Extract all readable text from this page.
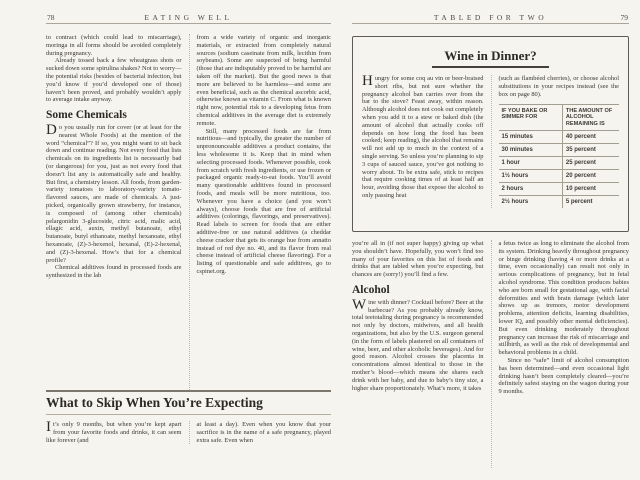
78	EATING WELL

to contract (which could lead to miscarriage), moringa in all forms should be avoided completely during pregnancy.

Already tossed back a few wheatgrass shots or sucked down some spirulina shakes? Not to worry—the potential risks (besides of bacterial infection, but you’d know if you’d developed one of those) haven’t been proved, and probably wouldn’t apply to average intake anyway.

Some Chemicals

Do you usually run for cover (or at least for the nearest Whole Foods) at the mention of the word “chemical”? If so, you might want to sit back down and continue reading. Not every food that lists chemicals on its ingredients list is necessarily bad (or dangerous) for you, just as not every food that doesn’t list any is automatically safe and healthy. But first, a chemistry lesson. All foods, from garden-variety tomatoes to laboratory-variety tomato-flavored sauces, are made of chemicals. A just-picked, organically grown strawberry, for instance, is composed of (among other chemicals) pelargonidin 3-glucoside, citric acid, malic acid, ellagic acid, auxin, methyl butanoate, ethyl butanoate, butyl ethanoate, methyl hexanoate, ethyl hexanoate, (Z)-3-hexenol, hexanal, (E)-2-hexenal, and (Z)-3-hexenal. How’s that for a chemical profile?

Chemical additives found in processed foods are synthesized in the lab

from a wide variety of organic and inorganic materials, or extracted from completely natural sources (sodium caseinate from milk, lecithin from soybeans). Some are suspected of being harmful (those that are indisputably proved to be harmful are taken off the market). But the good news is that more are believed to be harmless—and some are even beneficial, such as the chemical ascorbic acid, otherwise known as vitamin C. From what is known right now, potential risk to a developing fetus from chemical additives in the average diet is extremely remote.

Still, many processed foods are far from nutritious—and typically, the greater the number of unpronounceable additives a product contains, the less wholesome it is. Keep that in mind when selecting processed foods. Whenever possible, cook from scratch with fresh ingredients, or use frozen or packaged organic ready-to-eat foods. You’ll avoid many questionable additives found in processed foods, and meals will be more nutritious, too. Whenever you have a choice (and you won’t always), choose foods that are free of artificial additives (colorings, flavorings, and preservatives). Read labels to screen for foods that are either additive-free or use natural additives (a cheddar cheese cracker that gets its orange hue from annatto instead of red dye no. 40, and its flavor from real cheese instead of artificial cheese flavoring). For a listing of questionable and safe additives, go to cspinet.org.

What to Skip When You’re Expecting

It’s only 9 months, but when you’re kept apart from your favorite foods and drinks, it can seem like forever (and

at least a day). Even when you know that your sacrifice is in the name of a safe pregnancy, played extra safe. Even when

TABLED FOR TWO	79
Wine in Dinner?

Hungry for some coq au vin or beer-braised short ribs, but not sure whether the pregnancy alcohol ban carries over from the bar to the stove? Feast away, within reason. Although alcohol does not cook out completely when you add it to a stew or baked dish (the amount of alcohol that actually cooks off depends on how long the food has been cooked; keep reading), the alcohol that remains will not add up to much in the context of a single serving. So unless you’re planning to sip 3 cups of sauced sauce, you’ve got nothing to worry about. To be extra safe, stick to recipes that require cooking times of at least half an hour, avoiding those that expose the alcohol to only passing heat

(such as flambéed cherries), or choose alcohol substitutions in your recipes instead (see the box on page 80).

IF YOU BAKE OR SIMMER FOR	THE AMOUNT OF ALCOHOL REMAINING IS
15 minutes	40 percent
30 minutes	35 percent
1 hour	25 percent
1½ hours	20 percent
2 hours	10 percent
2½ hours	5 percent

you’re all in (if not super happy) giving up what you shouldn’t have. Hopefully, you won’t find too many of your favorites on this list of foods and drinks that are tabled when you’re expecting, but chances are (sorry!) you’ll find a few.

Alcohol

Wine with dinner? Cocktail before? Beer at the barbecue? As you probably already know, total teetotaling during pregnancy is recommended not only by doctors, midwives, and all health organizations, but also by the U.S. surgeon general (in the form of labels plastered on all containers of wine, beer, and other alcoholic beverages). And for good reason. Alcohol crosses the placenta in concentrations almost identical to those in the mother’s blood—which means she shares each drink with her baby, and due to baby’s tiny size, a higher share proportionately. What’s more, it takes

a fetus twice as long to eliminate the alcohol from its system. Drinking heavily throughout pregnancy or binge drinking (having 4 or more drinks at a time, even occasionally) can result not only in serious complications of pregnancy, but in fetal alcohol syndrome. This condition produces babies who are born small for gestational age, with facial deformities and with brain damage (which later shows up as tremors, motor development problems, attention deficits, learning disabilities, lower IQ, and possibly other mental deficiencies). But even drinking moderately throughout pregnancy can increase the risk of miscarriage and stillbirth, as well as the risk of developmental and behavioral problems in a child.

Since no “safe” limit of alcohol consumption has been determined—and even occasional light drinking hasn’t been completely cleared—you’re definitely safest staying on the wagon during your 9 months.
